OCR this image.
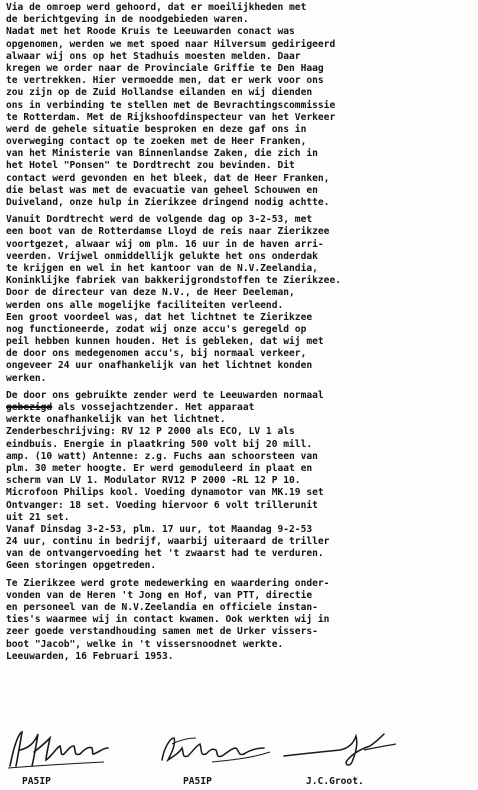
Via de omroep werd gehoord, dat er moeilijkheden met
de berichtgeving in de noodgebieden waren.
Nadat met het Roode Kruis te Leeuwarden conact was
opgenomen, werden we met spoed naar Hilversum gedirigeerd
alwaar wij ons op het Stadhuis moesten melden. Daar
kregen we order naar de Provinciale Griffie te Den Haag
te vertrekken. Hier vermoedde men, dat er werk voor ons
zou zijn op de Zuid Hollandse eilanden en wij dienden
ons in verbinding te stellen met de Bevrachtingscommissie
te Rotterdam. Met de Rijkshoofdinspecteur van het Verkeer
werd de gehele situatie besproken en deze gaf ons in
overweging contact op te zoeken met de Heer Franken,
van het Ministerie van Binnenlandse Zaken, die zich in
het Hotel "Ponsen" te Dordtrecht zou bevinden. Dit
contact werd gevonden en het bleek, dat de Heer Franken,
die belast was met de evacuatie van geheel Schouwen en
Duiveland, onze hulp in Zierikzee dringend nodig achtte.
Vanuit Dordtrecht werd de volgende dag op 3-2-53, met
een boot van de Rotterdamse Lloyd de reis naar Zierikzee
voortgezet, alwaar wij om plm. 16 uur in de haven arri-
veerden. Vrijwel onmiddellijk gelukte het ons onderdak
te krijgen en wel in het kantoor van de N.V.Zeelandia,
Koninklijke fabriek van bakkerijgrondstoffen te Zierikzee.
Door de directeur van deze N.V., de Heer Deeleman,
werden ons alle mogelijke faciliteiten verleend.
Een groot voordeel was, dat het lichtnet te Zierikzee
nog functioneerde, zodat wij onze accu's geregeld op
peil hebben kunnen houden. Het is gebleken, dat wij met
de door ons medegenomen accu's, bij normaal verkeer,
ongeveer 24 uur onafhankelijk van het lichtnet konden
werken.
De door ons gebruikte zender werd te Leeuwarden normaal
gebezigd als vossejachtzender. Het apparaat
werkte onafhankelijk van het lichtnet.
Zenderbeschrijving: RV 12 P 2000 als ECO, LV 1 als
eindbuis. Energie in plaatkring 500 volt bij 20 mill.
amp. (10 watt) Antenne: z.g. Fuchs aan schoorsteen van
plm. 30 meter hoogte. Er werd gemoduleerd in plaat en
scherm van LV 1. Modulator RV12 P 2000 -RL 12 P 10.
Microfoon Philips kool. Voeding dynamotor van MK.19 set
Ontvanger: 18 set. Voeding hiervoor 6 volt trillerunit
uit 21 set.
Vanaf Dinsdag 3-2-53, plm. 17 uur, tot Maandag 9-2-53
24 uur, continu in bedrijf, waarbij uiteraard de triller
van de ontvangervoeding het 't zwaarst had te verduren.
Geen storingen opgetreden.
Te Zierikzee werd grote medewerking en waardering onder-
vonden van de Heren 't Jong en Hof, van PTT, directie
en personeel van de N.V.Zeelandia en officiele instan-
ties's waarmee wij in contact kwamen. Ook werkten wij in
zeer goede verstandhouding samen met de Urker vissers-
boot "Jacob", welke in 't vissersnoodnet werkte.
Leeuwarden, 16 Februari 1953.
PA5IP	PA5IP	J.C.Groot.
